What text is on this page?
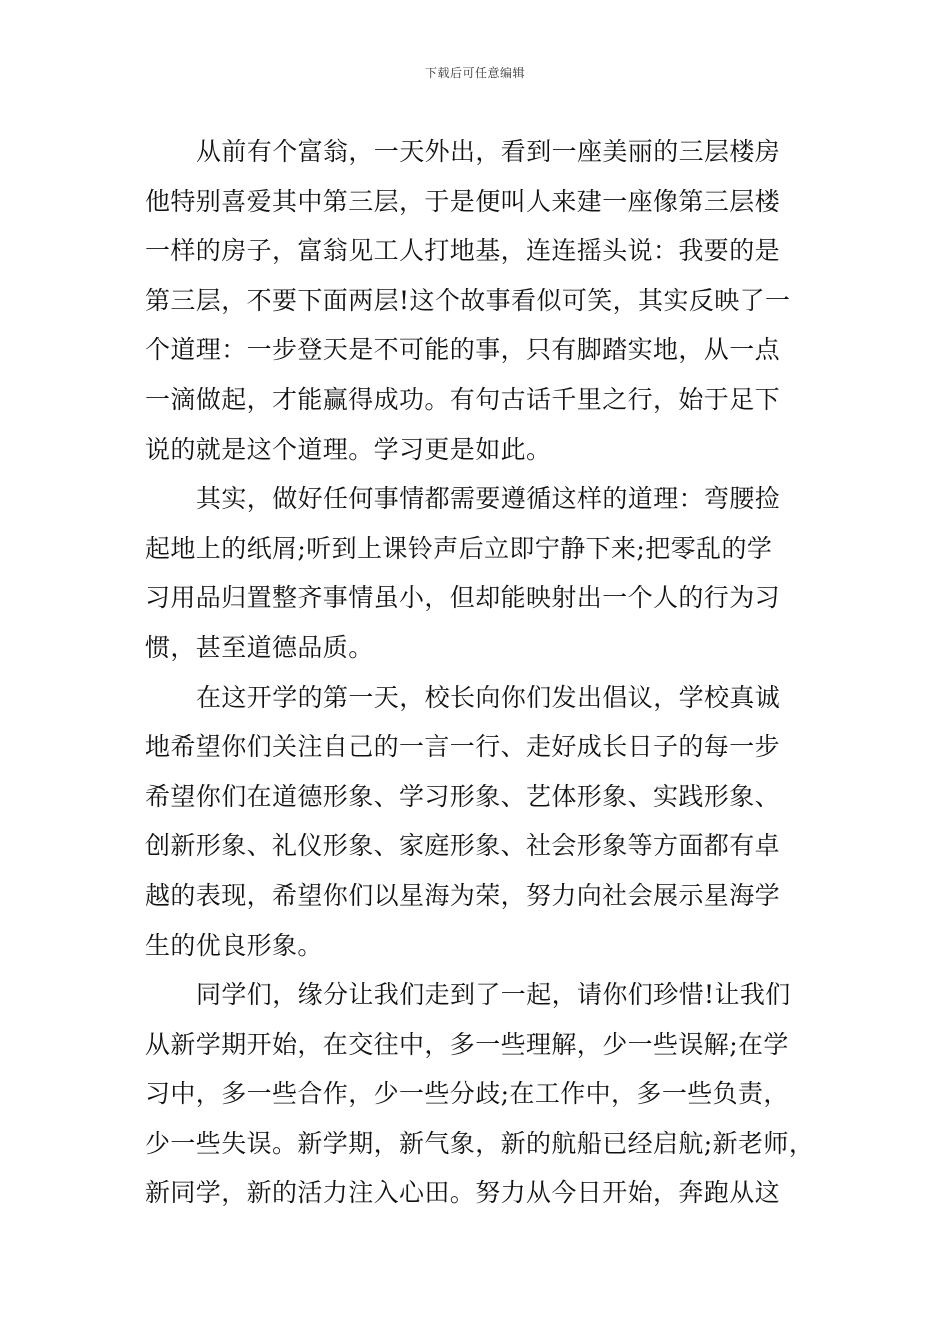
下载后可任意编辑
从前有个富翁，一天外出，看到一座美丽的三层楼房
他特别喜爱其中第三层，于是便叫人来建一座像第三层楼
一样的房子，富翁见工人打地基，连连摇头说：我要的是
第三层，不要下面两层!这个故事看似可笑，其实反映了一
个道理：一步登天是不可能的事，只有脚踏实地，从一点
一滴做起，才能赢得成功。有句古话千里之行，始于足下
说的就是这个道理。学习更是如此。
其实，做好任何事情都需要遵循这样的道理：弯腰捡
起地上的纸屑;听到上课铃声后立即宁静下来;把零乱的学
习用品归置整齐事情虽小，但却能映射出一个人的行为习
惯，甚至道德品质。
在这开学的第一天，校长向你们发出倡议，学校真诚
地希望你们关注自己的一言一行、走好成长日子的每一步
希望你们在道德形象、学习形象、艺体形象、实践形象、
创新形象、礼仪形象、家庭形象、社会形象等方面都有卓
越的表现，希望你们以星海为荣，努力向社会展示星海学
生的优良形象。
同学们，缘分让我们走到了一起，请你们珍惜!让我们
从新学期开始，在交往中，多一些理解，少一些误解;在学
习中，多一些合作，少一些分歧;在工作中，多一些负责，
少一些失误。新学期，新气象，新的航船已经启航;新老师，
新同学，新的活力注入心田。努力从今日开始，奔跑从这
